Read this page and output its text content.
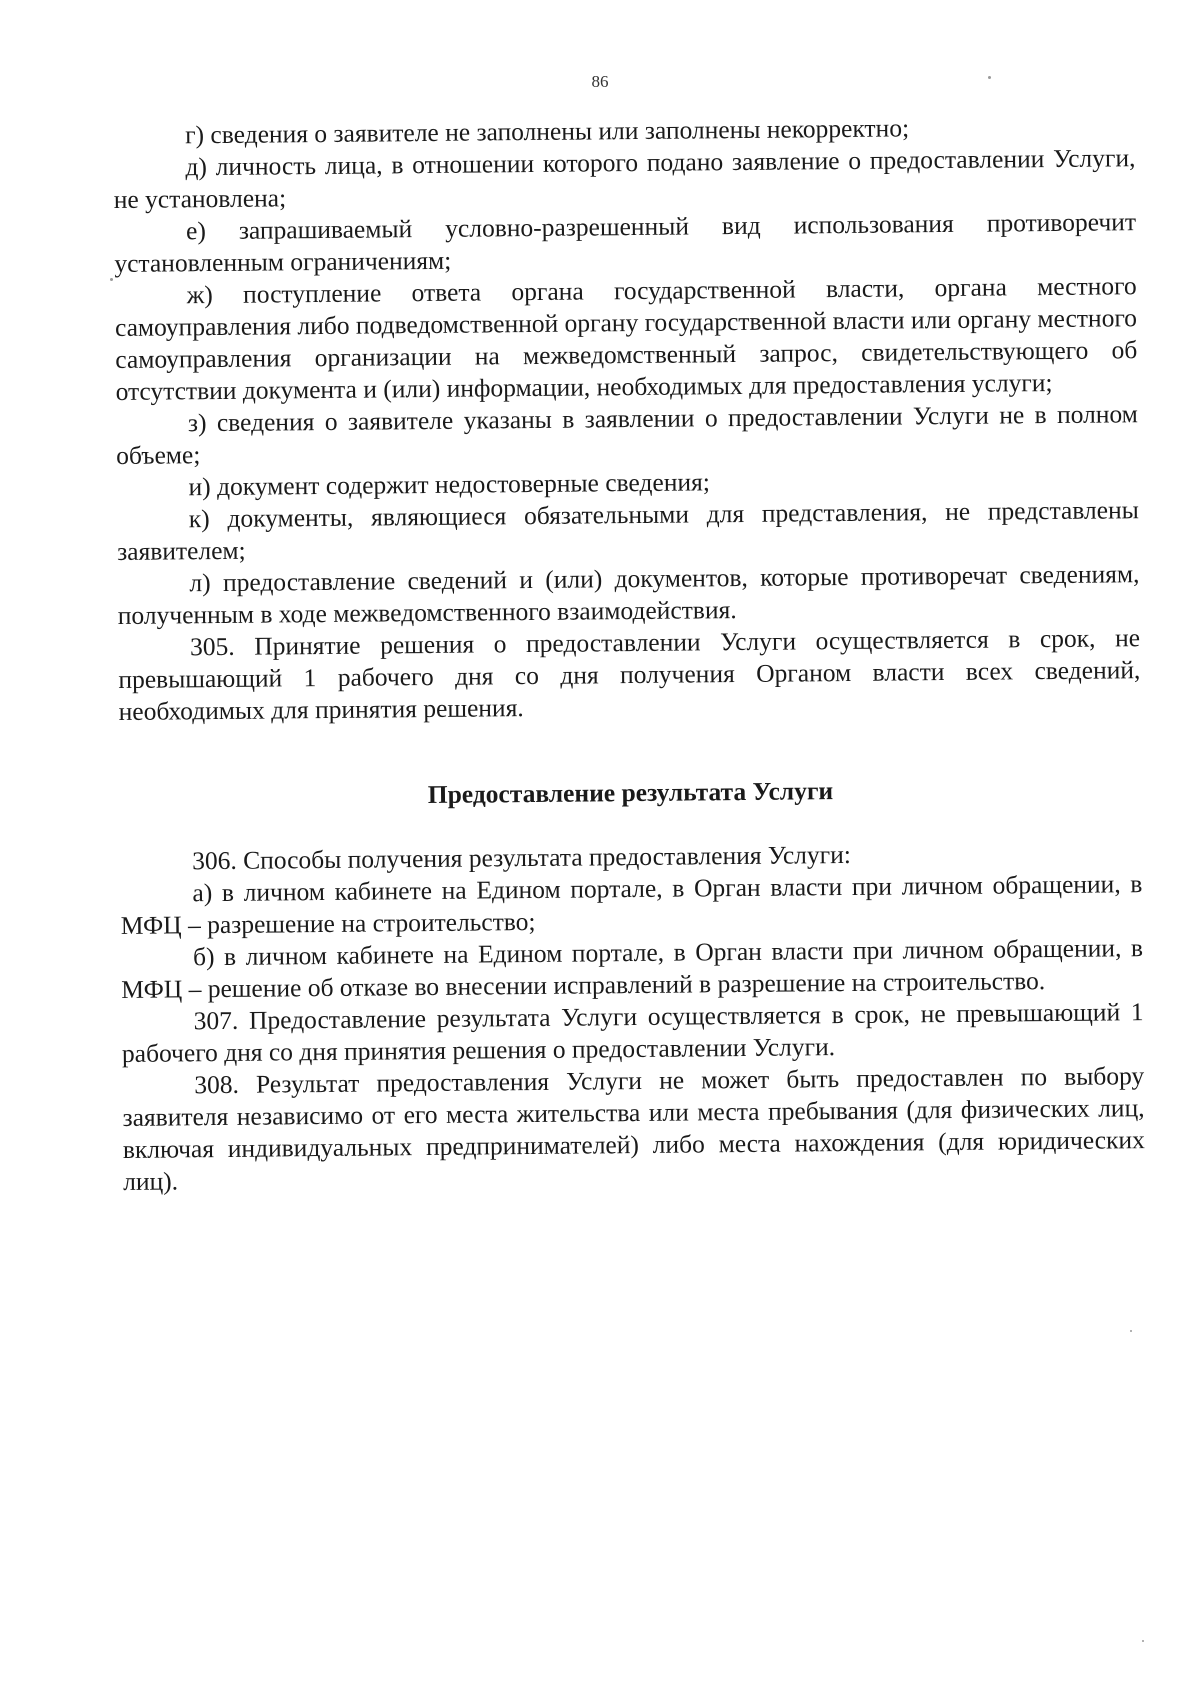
86

г) сведения о заявителе не заполнены или заполнены некорректно;

д) личность лица, в отношении которого подано заявление о предоставлении Услуги, не установлена;

е) запрашиваемый условно-разрешенный вид использования противоречит установленным ограничениям;

ж) поступление ответа органа государственной власти, органа местного самоуправления либо подведомственной органу государственной власти или органу местного самоуправления организации на межведомственный запрос, свидетельствующего об отсутствии документа и (или) информации, необходимых для предоставления услуги;

з) сведения о заявителе указаны в заявлении о предоставлении Услуги не в полном объеме;

и) документ содержит недостоверные сведения;

к) документы, являющиеся обязательными для представления, не представлены заявителем;

л) предоставление сведений и (или) документов, которые противоречат сведениям, полученным в ходе межведомственного взаимодействия.

305. Принятие решения о предоставлении Услуги осуществляется в срок, не превышающий 1 рабочего дня со дня получения Органом власти всех сведений, необходимых для принятия решения.

Предоставление результата Услуги

306. Способы получения результата предоставления Услуги:

а) в личном кабинете на Едином портале, в Орган власти при личном обращении, в МФЦ – разрешение на строительство;

б) в личном кабинете на Едином портале, в Орган власти при личном обращении, в МФЦ – решение об отказе во внесении исправлений в разрешение на строительство.

307. Предоставление результата Услуги осуществляется в срок, не превышающий 1 рабочего дня со дня принятия решения о предоставлении Услуги.

308. Результат предоставления Услуги не может быть предоставлен по выбору заявителя независимо от его места жительства или места пребывания (для физических лиц, включая индивидуальных предпринимателей) либо места нахождения (для юридических лиц).
